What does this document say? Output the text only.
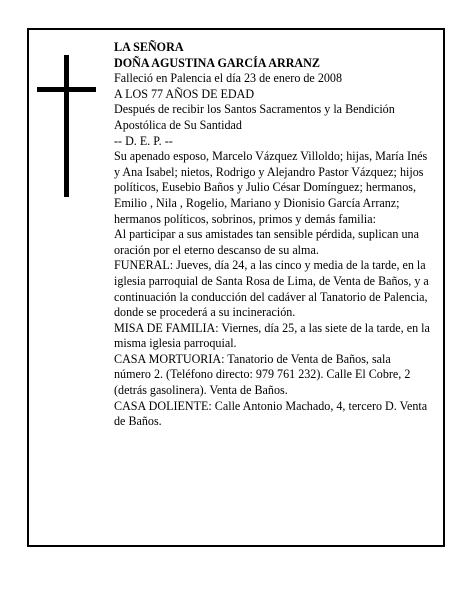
LA SEÑORA

DOÑA AGUSTINA GARCÍA ARRANZ

Falleció en Palencia el día 23 de enero de 2008

A LOS 77 AÑOS DE EDAD

Después de recibir los Santos Sacramentos y la Bendición Apostólica de Su Santidad

-- D. E. P. --

Su apenado esposo, Marcelo Vázquez Villoldo; hijas, María Inés y Ana Isabel; nietos, Rodrigo y Alejandro Pastor Vázquez; hijos políticos, Eusebio Baños y Julio César Domínguez; hermanos, Emilio , Nila , Rogelio, Mariano y Dionisio García Arranz; hermanos políticos, sobrinos, primos y demás familia:

Al participar a sus amistades tan sensible pérdida, suplican una oración por el eterno descanso de su alma.

FUNERAL: Jueves, día 24, a las cinco y media de la tarde, en la iglesia parroquial de Santa Rosa de Lima, de Venta de Baños, y a continuación la conducción del cadáver al Tanatorio de Palencia, donde se procederá a su incineración.

MISA DE FAMILIA: Viernes, día 25, a las siete de la tarde, en la misma iglesia parroquial.

CASA MORTUORIA: Tanatorio de Venta de Baños, sala número 2. (Teléfono directo: 979 761 232). Calle El Cobre, 2 (detrás gasolinera). Venta de Baños.

CASA DOLIENTE: Calle Antonio Machado, 4, tercero D. Venta de Baños.
